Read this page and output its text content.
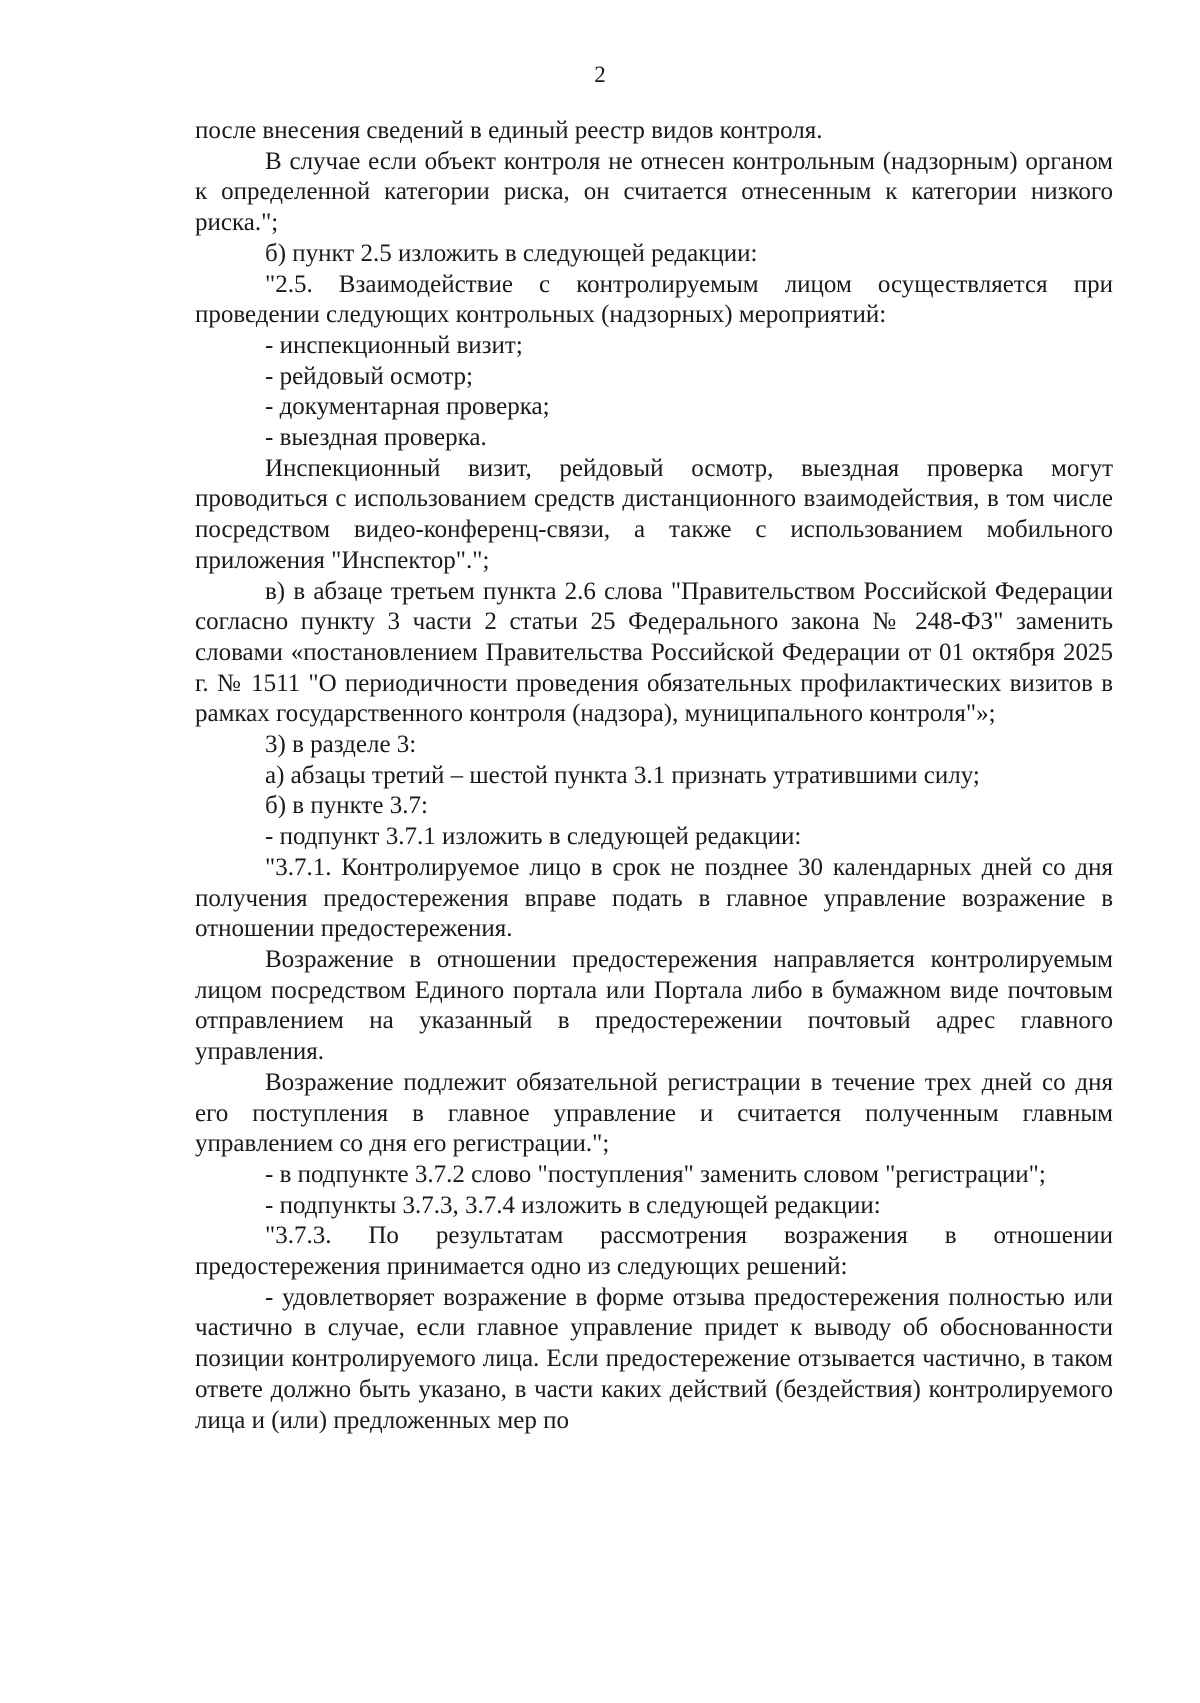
2

после внесения сведений в единый реестр видов контроля.

В случае если объект контроля не отнесен контрольным (надзорным) органом к определенной категории риска, он считается отнесенным к категории низкого риска.";

б) пункт 2.5 изложить в следующей редакции:

"2.5. Взаимодействие с контролируемым лицом осуществляется при проведении следующих контрольных (надзорных) мероприятий:

- инспекционный визит;

- рейдовый осмотр;

- документарная проверка;

- выездная проверка.

Инспекционный визит, рейдовый осмотр, выездная проверка могут проводиться с использованием средств дистанционного взаимодействия, в том числе посредством видео-конференц-связи, а также с использованием мобильного приложения "Инспектор".";

в) в абзаце третьем пункта 2.6 слова "Правительством Российской Федерации согласно пункту 3 части 2 статьи 25 Федерального закона № 248-ФЗ" заменить словами «постановлением Правительства Российской Федерации от 01 октября 2025 г. № 1511 "О периодичности проведения обязательных профилактических визитов в рамках государственного контроля (надзора), муниципального контроля"»;

3) в разделе 3:

а) абзацы третий – шестой пункта 3.1 признать утратившими силу;

б) в пункте 3.7:

- подпункт 3.7.1 изложить в следующей редакции:

"3.7.1. Контролируемое лицо в срок не позднее 30 календарных дней со дня получения предостережения вправе подать в главное управление возражение в отношении предостережения.

Возражение в отношении предостережения направляется контролируемым лицом посредством Единого портала или Портала либо в бумажном виде почтовым отправлением на указанный в предостережении почтовый адрес главного управления.

Возражение подлежит обязательной регистрации в течение трех дней со дня его поступления в главное управление и считается полученным главным управлением со дня его регистрации.";

- в подпункте 3.7.2 слово "поступления" заменить словом "регистрации";

- подпункты 3.7.3, 3.7.4 изложить в следующей редакции:

"3.7.3. По результатам рассмотрения возражения в отношении предостережения принимается одно из следующих решений:

- удовлетворяет возражение в форме отзыва предостережения полностью или частично в случае, если главное управление придет к выводу об обоснованности позиции контролируемого лица. Если предостережение отзывается частично, в таком ответе должно быть указано, в части каких действий (бездействия) контролируемого лица и (или) предложенных мер по
